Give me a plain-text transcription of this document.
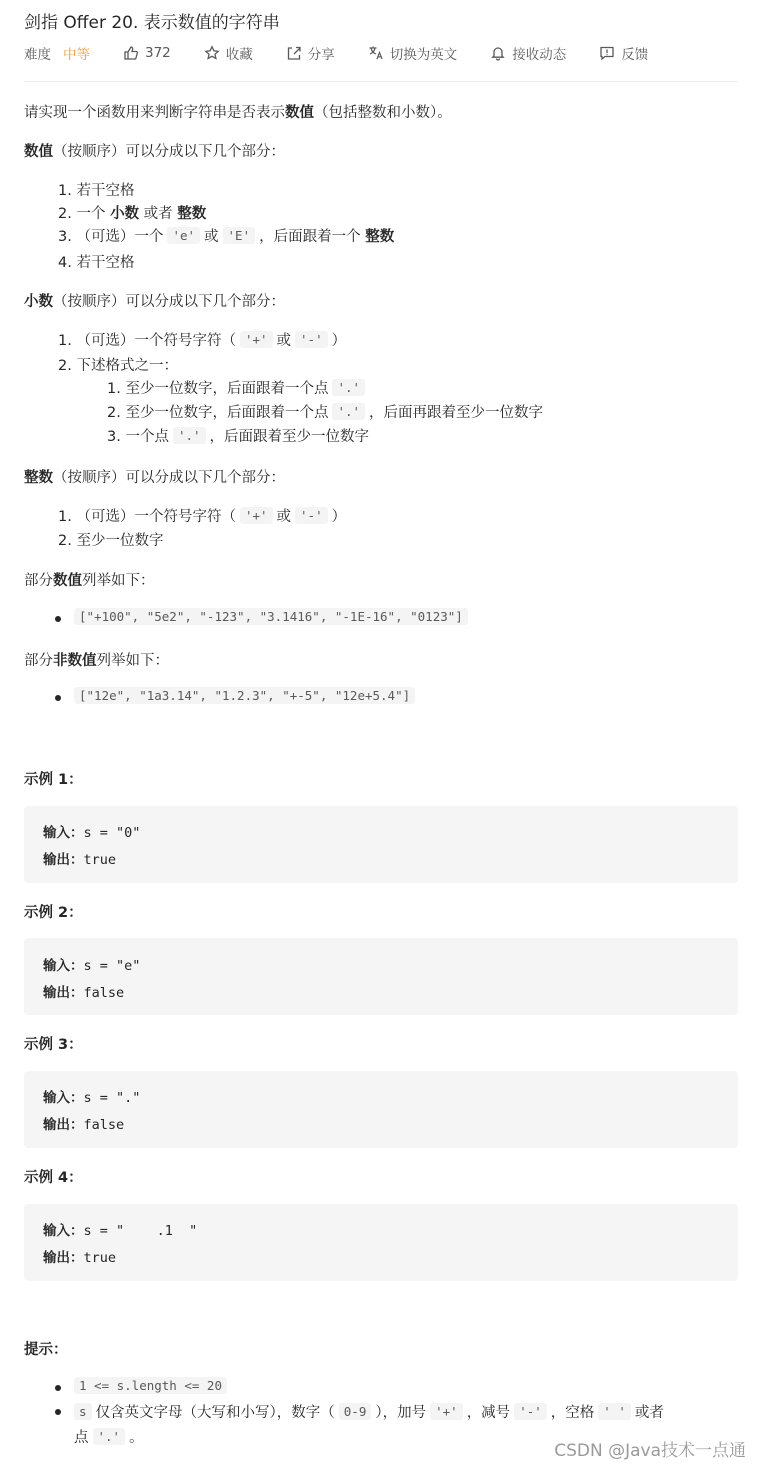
剑指 Offer 20. 表示数值的字符串
难度 中等	372	收藏	分享	切换为英文	接收动态	反馈
请实现一个函数用来判断字符串是否表示数值（包括整数和小数）。
数值（按顺序）可以分成以下几个部分：
1. 若干空格
2. 一个
小数
或者
整数
3. （可选）一个 'e' 或 'E' ，后面跟着一个
整数
4. 若干空格
小数（按顺序）可以分成以下几个部分：
1. （可选）一个符号字符（ '+' 或 '-' ）
2. 下述格式之一：
1. 至少一位数字，后面跟着一个点 '.'
2. 至少一位数字，后面跟着一个点 '.' ，后面再跟着至少一位数字
3. 一个点 '.' ，后面跟着至少一位数字
整数（按顺序）可以分成以下几个部分：
1. （可选）一个符号字符（ '+' 或 '-' ）
2. 至少一位数字
部分数值列举如下：
["+100", "5e2", "-123", "3.1416", "-1E-16", "0123"]
部分非数值列举如下：
["12e", "1a3.14", "1.2.3", "+-5", "12e+5.4"]
示例 1：
输入：s = "0"
输出：true
示例 2：
输入：s = "e"
输出：false
示例 3：
输入：s = "."
输出：false
示例 4：
输入：s = "    .1  "
输出：true
提示：
1 <= s.length <= 20
s 仅含英文字母（大写和小写），数字（ 0-9 ），加号 '+' ，减号 '-' ，空格 ' ' 或者
点 '.' 。
CSDN @Java技术一点通
